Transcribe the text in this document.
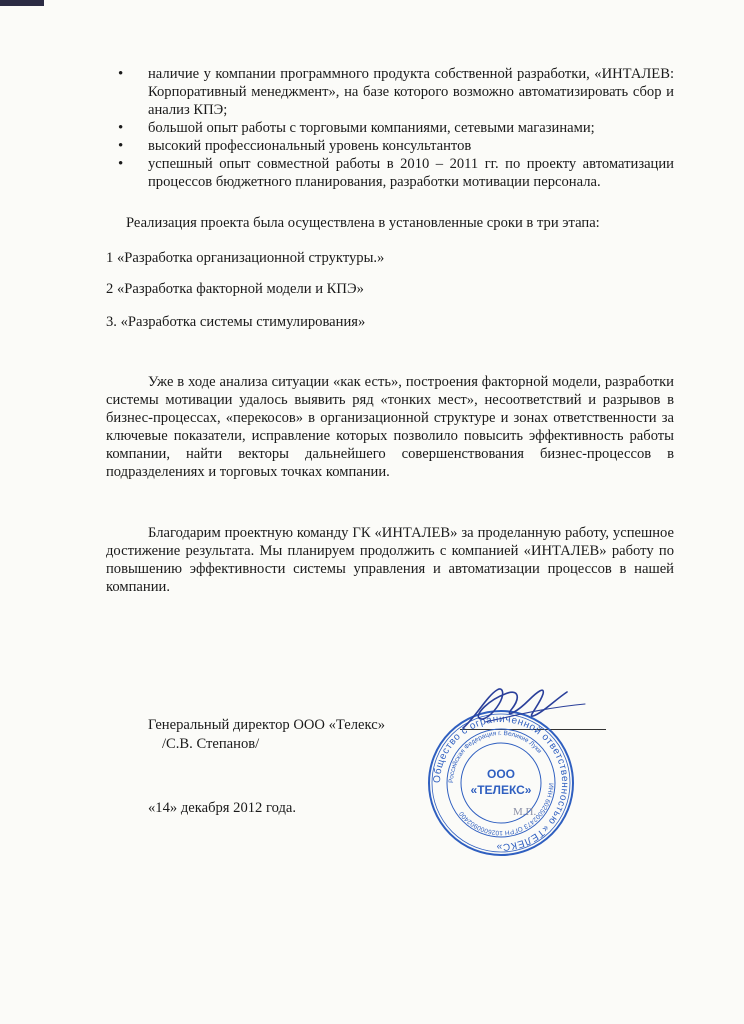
• наличие у компании программного продукта собственной разработки, «ИНТАЛЕВ: Корпоративный менеджмент», на базе которого возможно автоматизировать сбор и анализ КПЭ;
• большой опыт работы с торговыми компаниями, сетевыми магазинами;
• высокий профессиональный уровень консультантов
• успешный опыт совместной работы в 2010 – 2011 гг. по проекту автоматизации процессов бюджетного планирования, разработки мотивации персонала.

Реализация проекта была осуществлена в установленные сроки в три этапа:

1 «Разработка организационной структуры.»

2 «Разработка факторной модели и КПЭ»

3. «Разработка системы стимулирования»

Уже в ходе анализа ситуации «как есть», построения факторной модели, разработки системы мотивации удалось выявить ряд «тонких мест», несоответствий и разрывов в бизнес-процессах, «перекосов» в организационной структуре и зонах ответственности за ключевые показатели, исправление которых позволило повысить эффективность работы компании, найти векторы дальнейшего совершенствования бизнес-процессов в подразделениях и торговых точках компании.

Благодарим проектную команду ГК «ИНТАЛЕВ» за проделанную работу, успешное достижение результата. Мы планируем продолжить с компанией «ИНТАЛЕВ» работу по повышению эффективности системы управления и автоматизации процессов в нашей компании.

Генеральный директор ООО «Телекс»

/С.В. Степанов/

«14» декабря 2012 года.

Общество с ограниченной ответственностью «ТЕЛЕКС»
Российская Федерация г. Великие Луки
ИНН 6025002473 ОГРН 1026000902400
ООО
«ТЕЛЕКС»

М.П.
